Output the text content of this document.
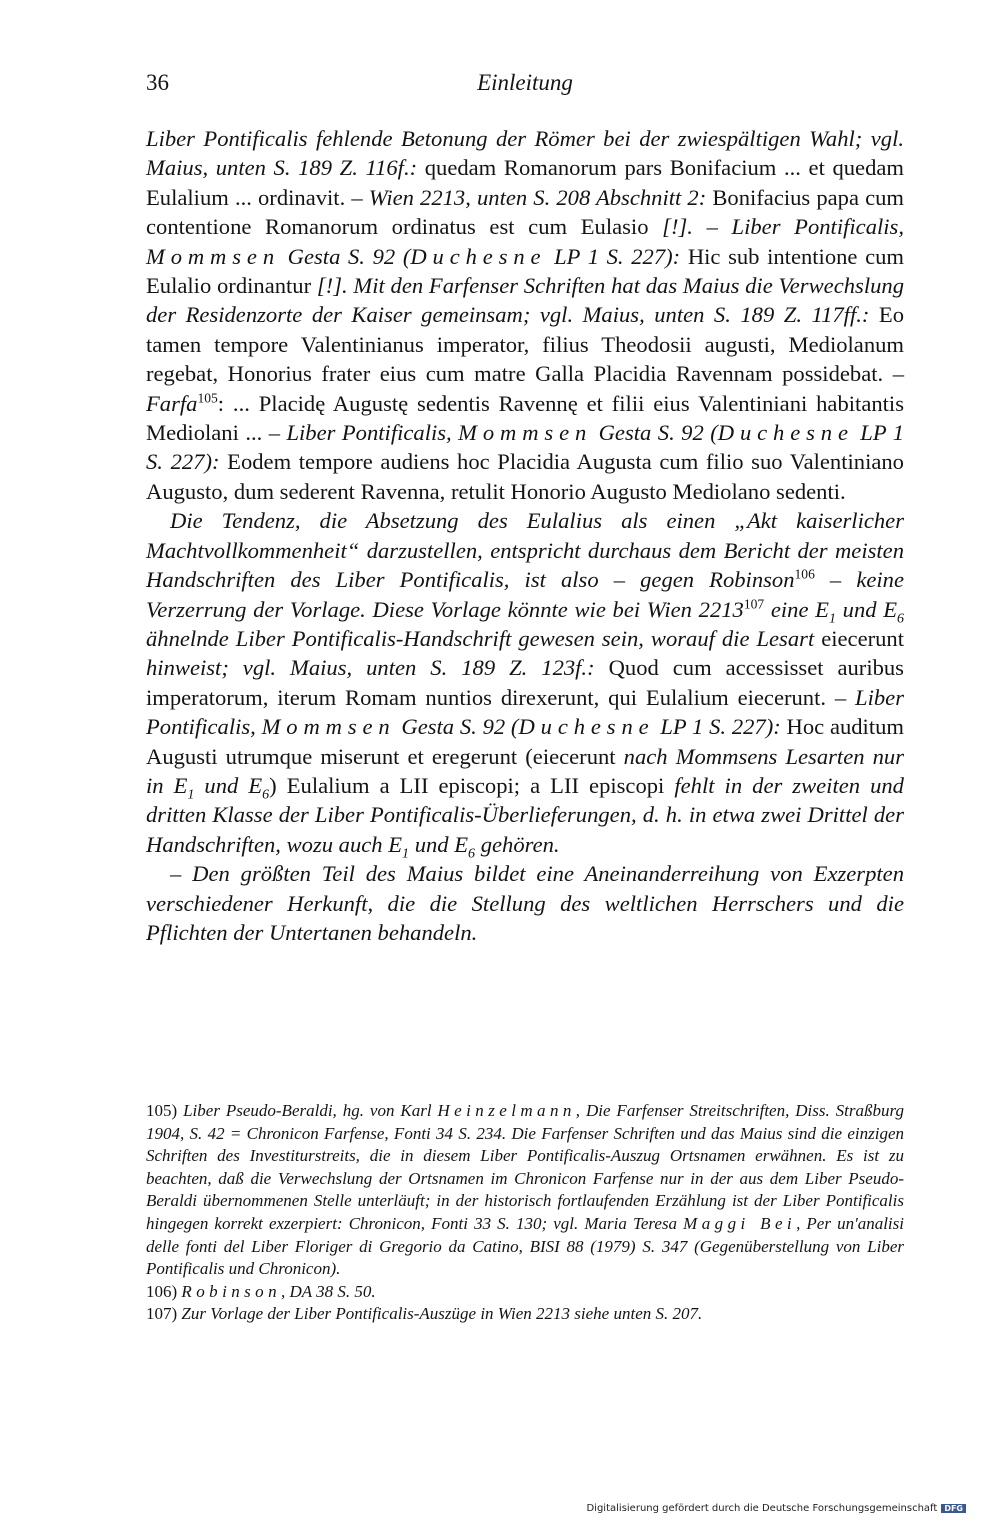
36	Einleitung

Liber Pontificalis fehlende Betonung der Römer bei der zwiespältigen Wahl; vgl. Maius, unten S. 189 Z. 116f.: quedam Romanorum pars Bonifacium ... et quedam Eulalium ... ordinavit. – Wien 2213, unten S. 208 Abschnitt 2: Bonifacius papa cum contentione Romanorum ordinatus est cum Eulasio [!]. – Liber Pontificalis, Mommsen Gesta S. 92 (Duchesne LP 1 S. 227): Hic sub intentione cum Eulalio ordinantur [!]. Mit den Farfenser Schriften hat das Maius die Verwechslung der Residenzorte der Kaiser gemeinsam; vgl. Maius, unten S. 189 Z. 117ff.: Eo tamen tempore Valentinianus imperator, filius Theodosii augusti, Mediolanum regebat, Honorius frater eius cum matre Galla Placidia Ravennam possidebat. – Farfa$^{105}$: ... Placidę Augustę sedentis Ravennę et filii eius Valentiniani habitantis Mediolani ... – Liber Pontificalis, Mommsen Gesta S. 92 (Duchesne LP 1 S. 227): Eodem tempore audiens hoc Placidia Augusta cum filio suo Valentiniano Augusto, dum sederent Ravenna, retulit Honorio Augusto Mediolano sedenti.

Die Tendenz, die Absetzung des Eulalius als einen „Akt kaiserlicher Machtvollkommenheit“ darzustellen, entspricht durchaus dem Bericht der meisten Handschriften des Liber Pontificalis, ist also – gegen Robinson$^{106}$ – keine Verzerrung der Vorlage. Diese Vorlage könnte wie bei Wien 2213$^{107}$ eine $E_1$ und $E_6$ ähnelnde Liber Pontificalis-Handschrift gewesen sein, worauf die Lesart eiecerunt hinweist; vgl. Maius, unten S. 189 Z. 123f.: Quod cum accessisset auribus imperatorum, iterum Romam nuntios direxerunt, qui Eulalium eiecerunt. – Liber Pontificalis, Mommsen Gesta S. 92 (Duchesne LP 1 S. 227): Hoc auditum Augusti utrumque miserunt et eregerunt (eiecerunt nach Mommsens Lesarten nur in $E_1$ und $E_6$) Eulalium a LII episcopi; a LII episcopi fehlt in der zweiten und dritten Klasse der Liber Pontificalis-Überlieferungen, d. h. in etwa zwei Drittel der Handschriften, wozu auch $E_1$ und $E_6$ gehören.

– Den größten Teil des Maius bildet eine Aneinanderreihung von Exzerpten verschiedener Herkunft, die die Stellung des weltlichen Herrschers und die Pflichten der Untertanen behandeln.

105) Liber Pseudo-Beraldi, hg. von Karl Heinzelmann, Die Farfenser Streitschriften, Diss. Straßburg 1904, S. 42 = Chronicon Farfense, Fonti 34 S. 234. Die Farfenser Schriften und das Maius sind die einzigen Schriften des Investiturstreits, die in diesem Liber Pontificalis-Auszug Ortsnamen erwähnen. Es ist zu beachten, daß die Verwechslung der Ortsnamen im Chronicon Farfense nur in der aus dem Liber Pseudo-Beraldi übernommenen Stelle unterläuft; in der historisch fortlaufenden Erzählung ist der Liber Pontificalis hingegen korrekt exzerpiert: Chronicon, Fonti 33 S. 130; vgl. Maria Teresa Maggi Bei, Per un'analisi delle fonti del Liber Floriger di Gregorio da Catino, BISI 88 (1979) S. 347 (Gegenüberstellung von Liber Pontificalis und Chronicon).

106) Robinson, DA 38 S. 50.

107) Zur Vorlage der Liber Pontificalis-Auszüge in Wien 2213 siehe unten S. 207.

Digitalisierung gefördert durch die Deutsche Forschungsgemeinschaft DFG
